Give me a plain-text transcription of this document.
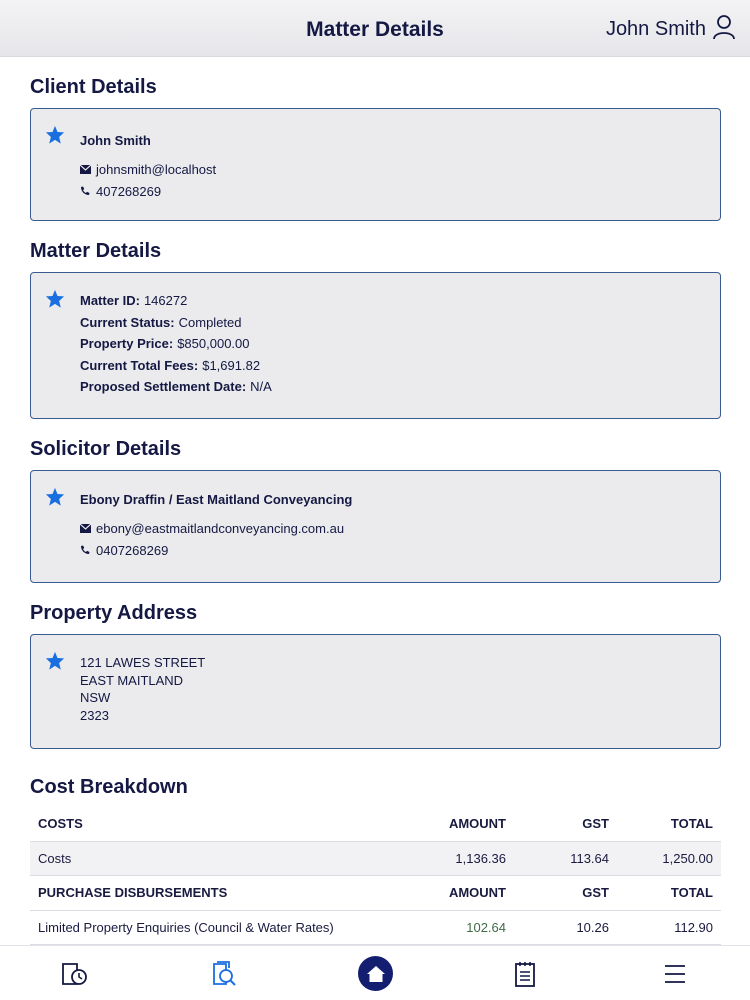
Matter Details	John Smith
Client Details
John Smith
johnsmith@localhost
407268269
Matter Details
Matter ID: 146272
Current Status: Completed
Property Price: $850,000.00
Current Total Fees: $1,691.82
Proposed Settlement Date: N/A
Solicitor Details
Ebony Draffin / East Maitland Conveyancing
ebony@eastmaitlandconveyancing.com.au
0407268269
Property Address
121 LAWES STREET
EAST MAITLAND
NSW
2323
Cost Breakdown
COSTS	AMOUNT	GST	TOTAL
Costs	1,136.36	113.64	1,250.00
PURCHASE DISBURSEMENTS	AMOUNT	GST	TOTAL
Limited Property Enquiries (Council & Water Rates)	102.64	10.26	112.90
